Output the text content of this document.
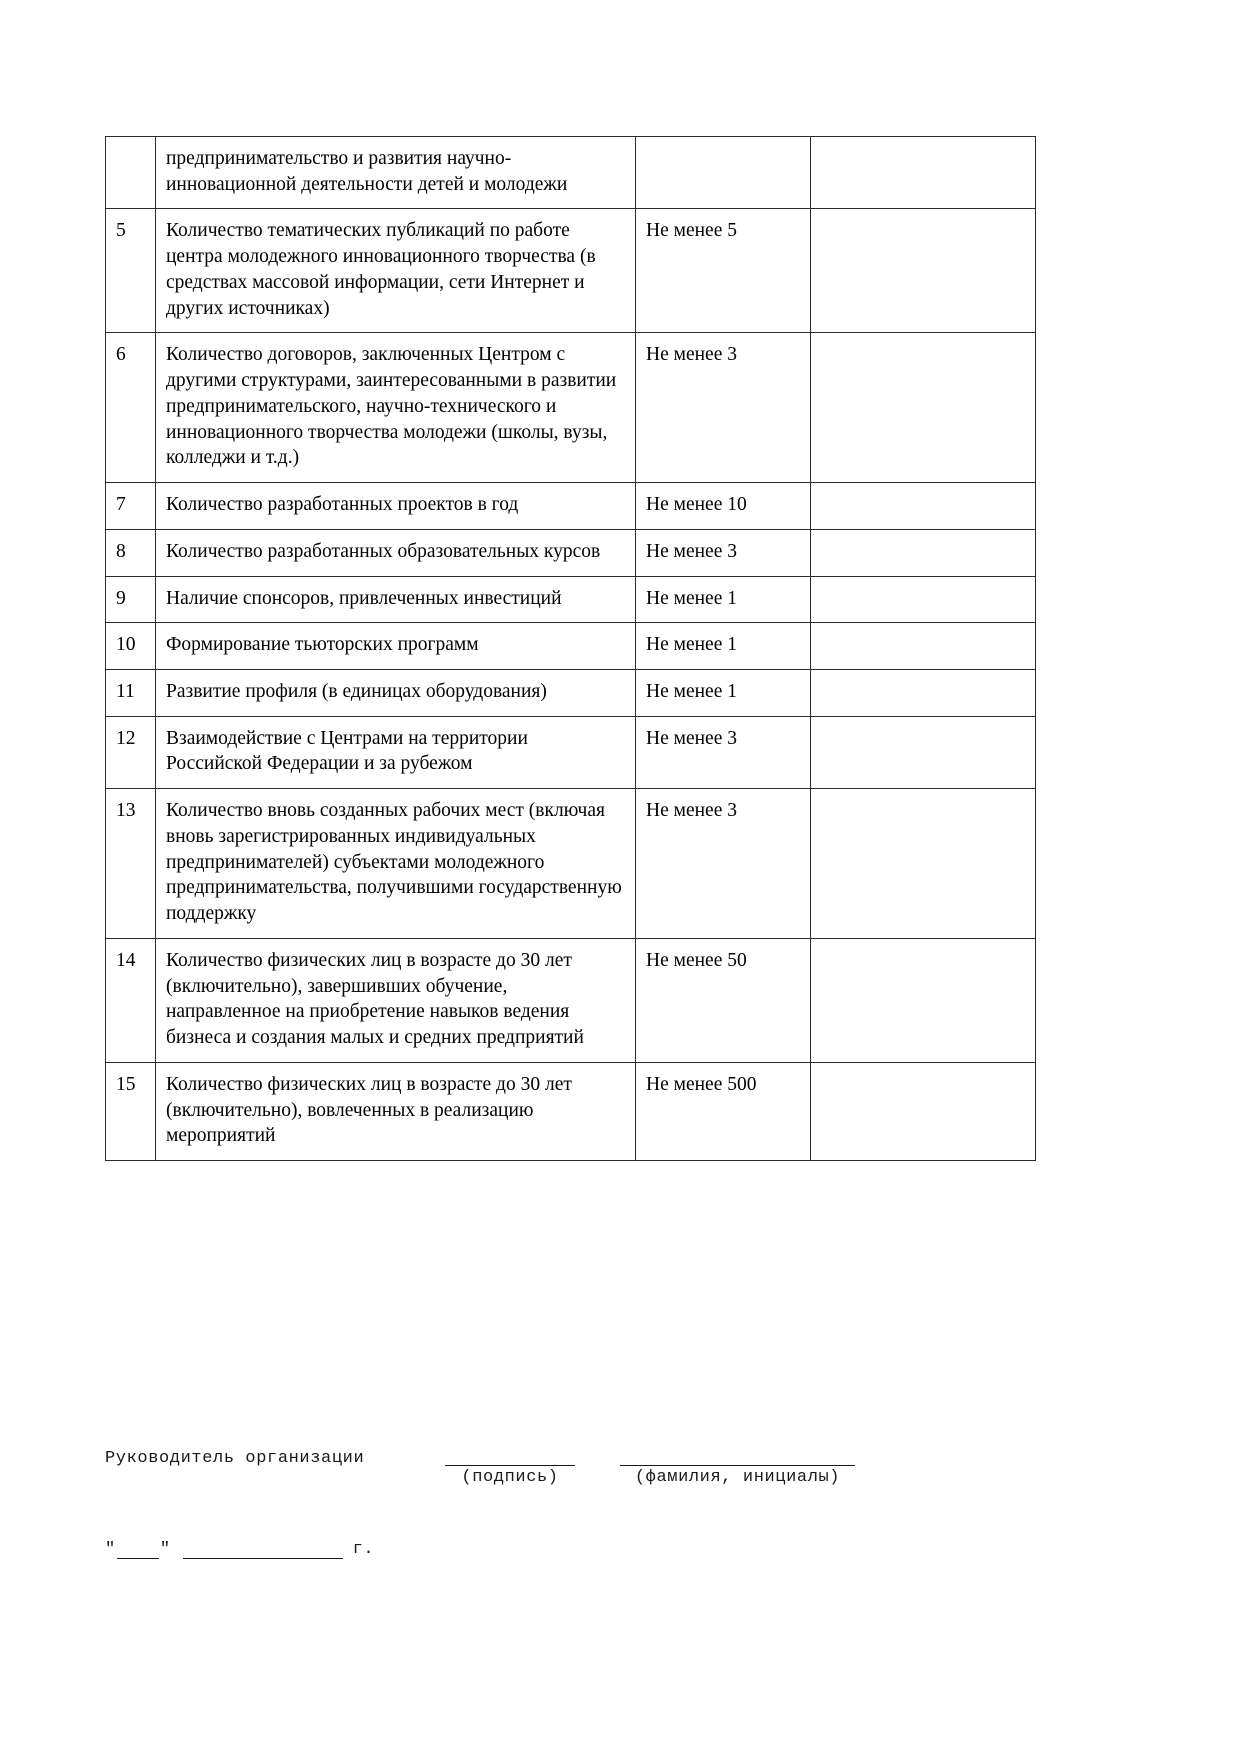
	предпринимательство и развития научно-инновационной деятельности детей и молодежи		
5	Количество тематических публикаций по работе центра молодежного инновационного творчества (в средствах массовой информации, сети Интернет и других источниках)	Не менее 5	
6	Количество договоров, заключенных Центром с другими структурами, заинтересованными в развитии предпринимательского, научно-технического и инновационного творчества молодежи (школы, вузы, колледжи и т.д.)	Не менее 3	
7	Количество разработанных проектов в год	Не менее 10	
8	Количество разработанных образовательных курсов	Не менее 3	
9	Наличие спонсоров, привлеченных инвестиций	Не менее 1	
10	Формирование тьюторских программ	Не менее 1	
11	Развитие профиля (в единицах оборудования)	Не менее 1	
12	Взаимодействие с Центрами на территории Российской Федерации и за рубежом	Не менее 3	
13	Количество вновь созданных рабочих мест (включая вновь зарегистрированных индивидуальных предпринимателей) субъектами молодежного предпринимательства, получившими государственную поддержку	Не менее 3	
14	Количество физических лиц в возрасте до 30 лет (включительно), завершивших обучение, направленное на приобретение навыков ведения бизнеса и создания малых и средних предприятий	Не менее 50	
15	Количество физических лиц в возрасте до 30 лет (включительно), вовлеченных в реализацию мероприятий	Не менее 500	
Руководитель организации
(подпись)	(фамилия, инициалы)
"	"	г.
